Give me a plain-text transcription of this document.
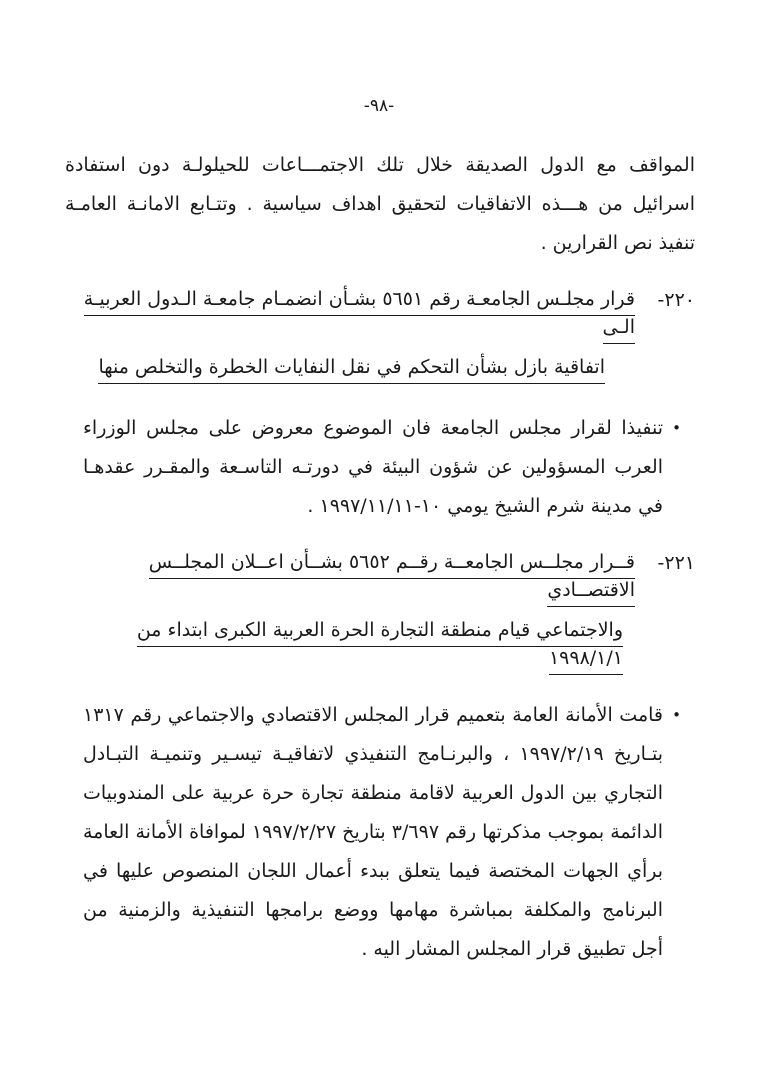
-٩٨-

المواقف مع الدول الصديقة خلال تلك الاجتمـــاعات للحيلولـة دون استفادة اسرائيل من هـــذه الاتفاقيات لتحقيق اهداف سياسية . وتتـابع الامانـة العامـة تنفيذ نص القرارين .

٢٢٠-
قرار مجلـس الجامعـة رقم ٥٦٥١ بشـأن انضمـام جامعـة الـدول العربيـة الـى
اتفاقية بازل بشأن التحكم في نقل النفايات الخطرة والتخلص منها
•

تنفيذا لقرار مجلس الجامعة فان الموضوع معروض على مجلس الوزراء العرب المسؤولين عن شؤون البيئة في دورتـه التاسـعة والمقـرر عقدهـا في مدينة شرم الشيخ يومي ١٠-١٩٩٧/١١/١١ .

٢٢١-
قــرار مجلــس الجامعــة رقــم ٥٦٥٢ بشــأن اعــلان المجلــس الاقتصــادي
والاجتماعي قيام منطقة التجارة الحرة العربية الكبرى ابتداء من ١٩٩٨/١/١
•

قامت الأمانة العامة بتعميم قرار المجلس الاقتصادي والاجتماعي رقم ١٣١٧ بتـاريخ ١٩٩٧/٢/١٩ ، والبرنـامج التنفيذي لاتفاقيـة تيسـير وتنميـة التبـادل التجاري بين الدول العربية لاقامة منطقة تجارة حرة عربية على المندوبيات الدائمة بموجب مذكرتها رقم ٣/٦٩٧ بتاريخ ١٩٩٧/٢/٢٧ لموافاة الأمانة العامة برأي الجهات المختصة فيما يتعلق ببدء أعمال اللجان المنصوص عليها في البرنامج والمكلفة بمباشرة مهامها ووضع برامجها التنفيذية والزمنية من أجل تطبيق قرار المجلس المشار اليه .
